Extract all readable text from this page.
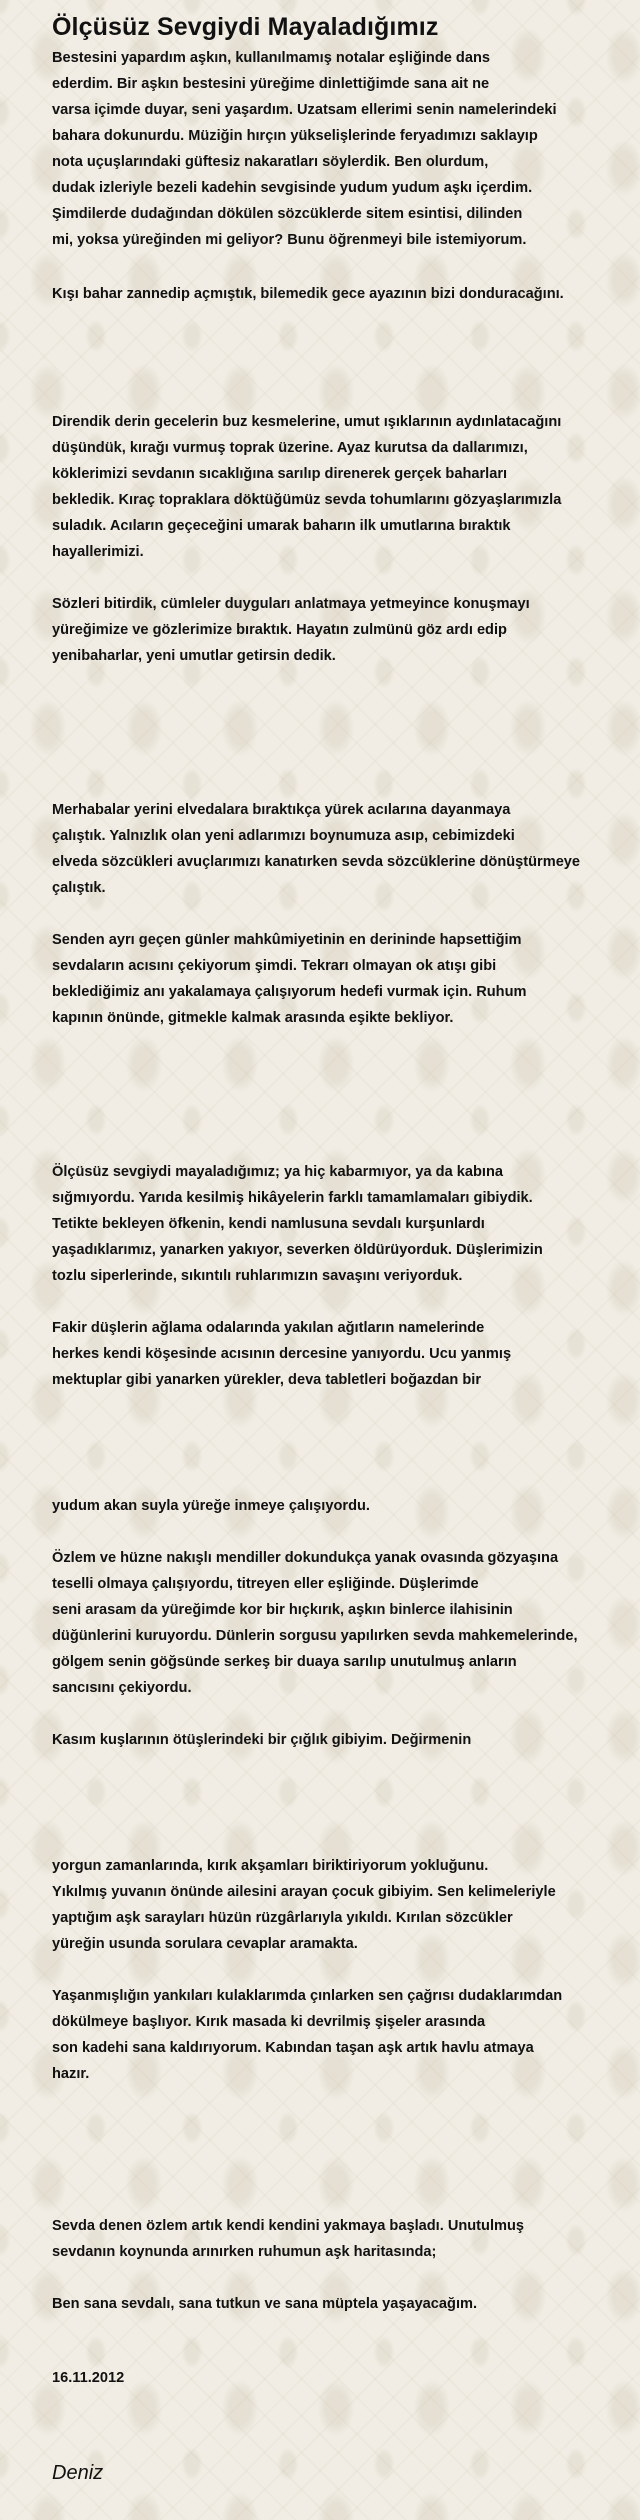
Ölçüsüz Sevgiydi Mayaladığımız

Bestesini yapardım aşkın, kullanılmamış notalar eşliğinde dans

ederdim. Bir aşkın bestesini yüreğime dinlettiğimde sana ait ne

varsa içimde duyar, seni yaşardım. Uzatsam ellerimi senin namelerindeki

bahara dokunurdu. Müziğin hırçın yükselişlerinde feryadımızı saklayıp

nota uçuşlarındaki güftesiz nakaratları söylerdik. Ben olurdum,

dudak izleriyle bezeli kadehin sevgisinde yudum yudum aşkı içerdim.

Şimdilerde dudağından dökülen sözcüklerde sitem esintisi, dilinden

mi, yoksa yüreğinden mi geliyor? Bunu öğrenmeyi bile istemiyorum.

Kışı bahar zannedip açmıştık, bilemedik gece ayazının bizi donduracağını.

Direndik derin gecelerin buz kesmelerine, umut ışıklarının aydınlatacağını

düşündük, kırağı vurmuş toprak üzerine. Ayaz kurutsa da dallarımızı,

köklerimizi sevdanın sıcaklığına sarılıp direnerek gerçek baharları

bekledik. Kıraç topraklara döktüğümüz sevda tohumlarını gözyaşlarımızla

suladık. Acıların geçeceğini umarak baharın ilk umutlarına bıraktık

hayallerimizi.

Sözleri bitirdik, cümleler duyguları anlatmaya yetmeyince konuşmayı

yüreğimize ve gözlerimize bıraktık. Hayatın zulmünü göz ardı edip

yenibaharlar, yeni umutlar getirsin dedik.

Merhabalar yerini elvedalara bıraktıkça yürek acılarına dayanmaya

çalıştık. Yalnızlık olan yeni adlarımızı boynumuza asıp, cebimizdeki

elveda sözcükleri avuçlarımızı kanatırken sevda sözcüklerine dönüştürmeye

çalıştık.

Senden ayrı geçen günler mahkûmiyetinin en derininde hapsettiğim

sevdaların acısını çekiyorum şimdi. Tekrarı olmayan ok atışı gibi

beklediğimiz anı yakalamaya çalışıyorum hedefi vurmak için. Ruhum

kapının önünde, gitmekle kalmak arasında eşikte bekliyor.

Ölçüsüz sevgiydi mayaladığımız; ya hiç kabarmıyor, ya da kabına

sığmıyordu. Yarıda kesilmiş hikâyelerin farklı tamamlamaları gibiydik.

Tetikte bekleyen öfkenin, kendi namlusuna sevdalı kurşunlardı

yaşadıklarımız, yanarken yakıyor, severken öldürüyorduk. Düşlerimizin

tozlu siperlerinde, sıkıntılı ruhlarımızın savaşını veriyorduk.

Fakir düşlerin ağlama odalarında yakılan ağıtların namelerinde

herkes kendi köşesinde acısının dercesine yanıyordu. Ucu yanmış

mektuplar gibi yanarken yürekler, deva tabletleri boğazdan bir

yudum akan suyla yüreğe inmeye çalışıyordu.

Özlem ve hüzne nakışlı mendiller dokundukça yanak ovasında gözyaşına

teselli olmaya çalışıyordu, titreyen eller eşliğinde. Düşlerimde

seni arasam da yüreğimde kor bir hıçkırık, aşkın binlerce ilahisinin

düğünlerini kuruyordu. Dünlerin sorgusu yapılırken sevda mahkemelerinde,

gölgem senin göğsünde serkeş bir duaya sarılıp unutulmuş anların

sancısını çekiyordu.

Kasım kuşlarının ötüşlerindeki bir çığlık gibiyim. Değirmenin

yorgun zamanlarında, kırık akşamları biriktiriyorum yokluğunu.

Yıkılmış yuvanın önünde ailesini arayan çocuk gibiyim. Sen kelimeleriyle

yaptığım aşk sarayları hüzün rüzgârlarıyla yıkıldı. Kırılan sözcükler

yüreğin usunda sorulara cevaplar aramakta.

Yaşanmışlığın yankıları kulaklarımda çınlarken sen çağrısı dudaklarımdan

dökülmeye başlıyor. Kırık masada ki devrilmiş şişeler arasında

son kadehi sana kaldırıyorum. Kabından taşan aşk artık havlu atmaya

hazır.

Sevda denen özlem artık kendi kendini yakmaya başladı. Unutulmuş

sevdanın koynunda arınırken ruhumun aşk haritasında;

Ben sana sevdalı, sana tutkun ve sana müptela yaşayacağım.

16.11.2012
Deniz
